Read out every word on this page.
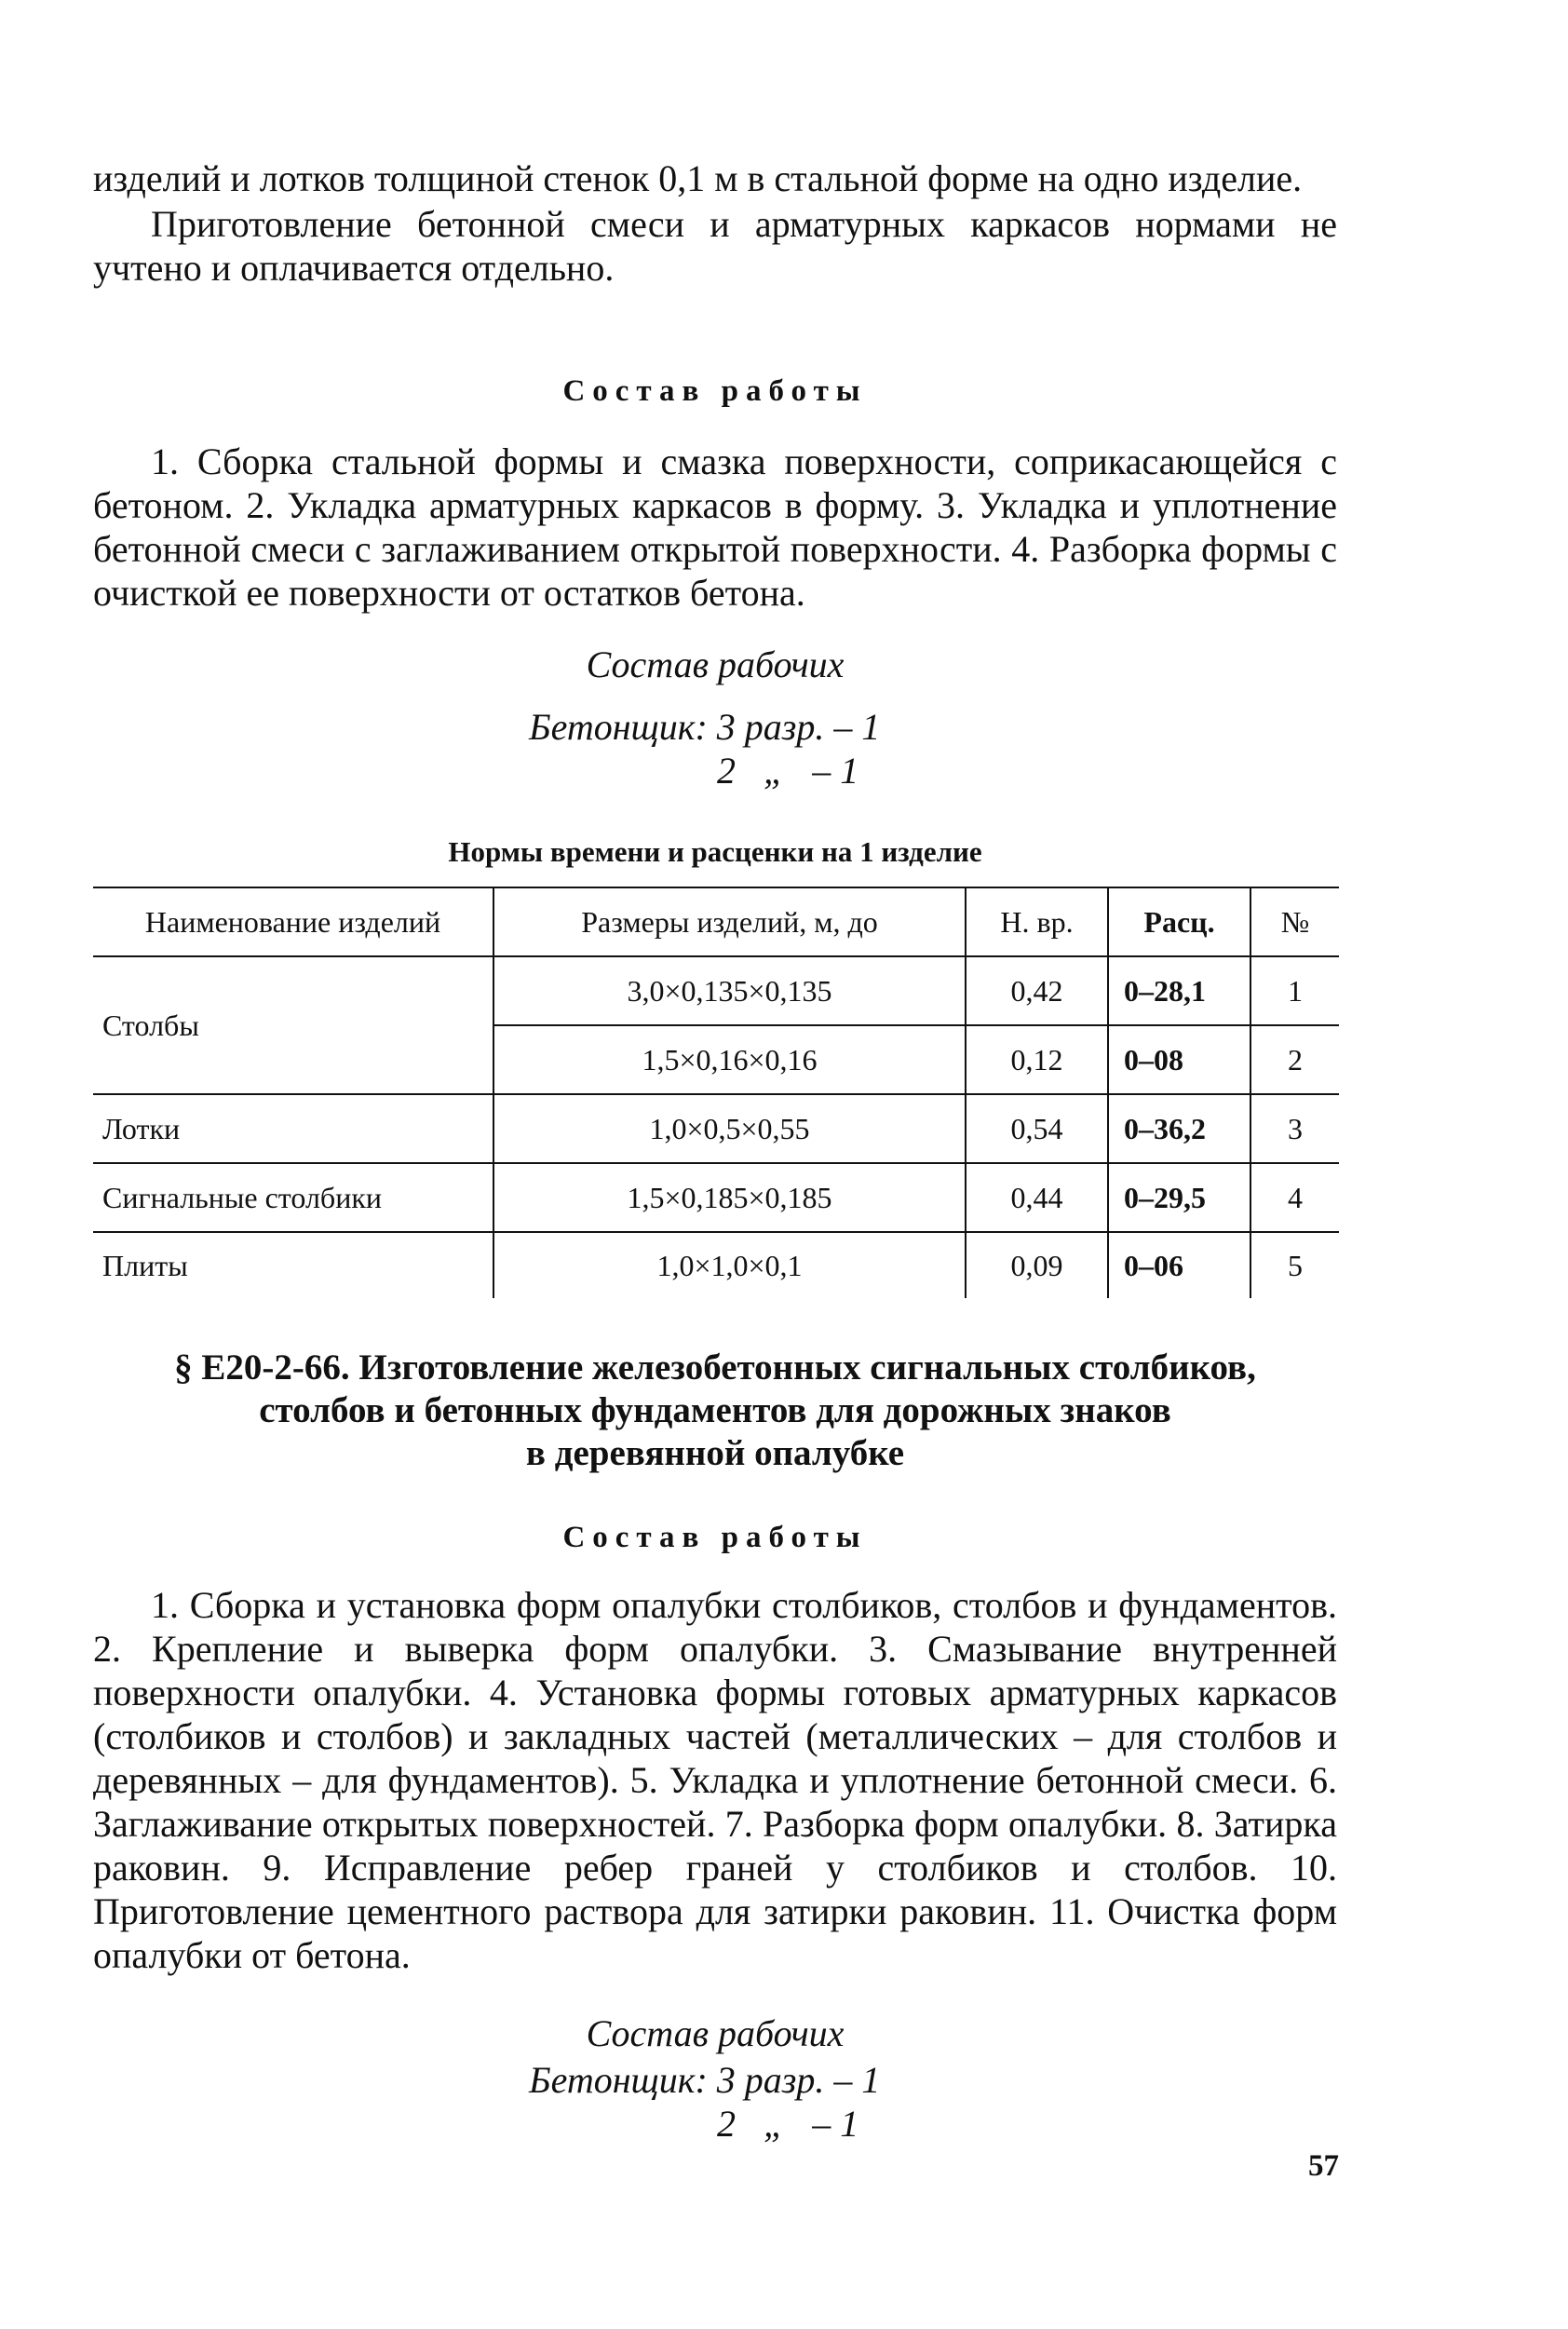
изделий и лотков толщиной стенок 0,1 м в стальной форме на одно изделие.

Приготовление бетонной смеси и арматурных каркасов нормами не учтено и оплачивается отдельно.

Состав работы

1. Сборка стальной формы и смазка поверхности, соприкасающейся с бетоном. 2. Укладка арматурных каркасов в форму. 3. Укладка и уплотнение бетонной смеси с заглаживанием открытой поверхности. 4. Разборка формы с очисткой ее поверхности от остатков бетона.

Состав рабочих
Бетонщик: 3 разр. – 1
2   „   – 1
Нормы времени и расценки на 1 изделие
Наименование изделий	Размеры изделий, м, до	Н. вр.	Расц.	№
Столбы	3,0×0,135×0,135	0,42	0–28,1	1
	1,5×0,16×0,16	0,12	0–08	2
Лотки	1,0×0,5×0,55	0,54	0–36,2	3
Сигнальные столбики	1,5×0,185×0,185	0,44	0–29,5	4
Плиты	1,0×1,0×0,1	0,09	0–06	5
§ Е20-2-66. Изготовление железобетонных сигнальных столбиков,
столбов и бетонных фундаментов для дорожных знаков
в деревянной опалубке
Состав работы

1. Сборка и установка форм опалубки столбиков, столбов и фундаментов. 2. Крепление и выверка форм опалубки. 3. Смазывание внутренней поверхности опалубки. 4. Установка формы готовых арматурных каркасов (столбиков и столбов) и закладных частей (металлических – для столбов и деревянных – для фундаментов). 5. Укладка и уплотнение бетонной смеси. 6. Заглаживание открытых поверхностей. 7. Разборка форм опалубки. 8. Затирка раковин. 9. Исправление ребер граней у столбиков и столбов. 10. Приготовление цементного раствора для затирки раковин. 11. Очистка форм опалубки от бетона.

Состав рабочих
Бетонщик: 3 разр. – 1
2   „   – 1
57
